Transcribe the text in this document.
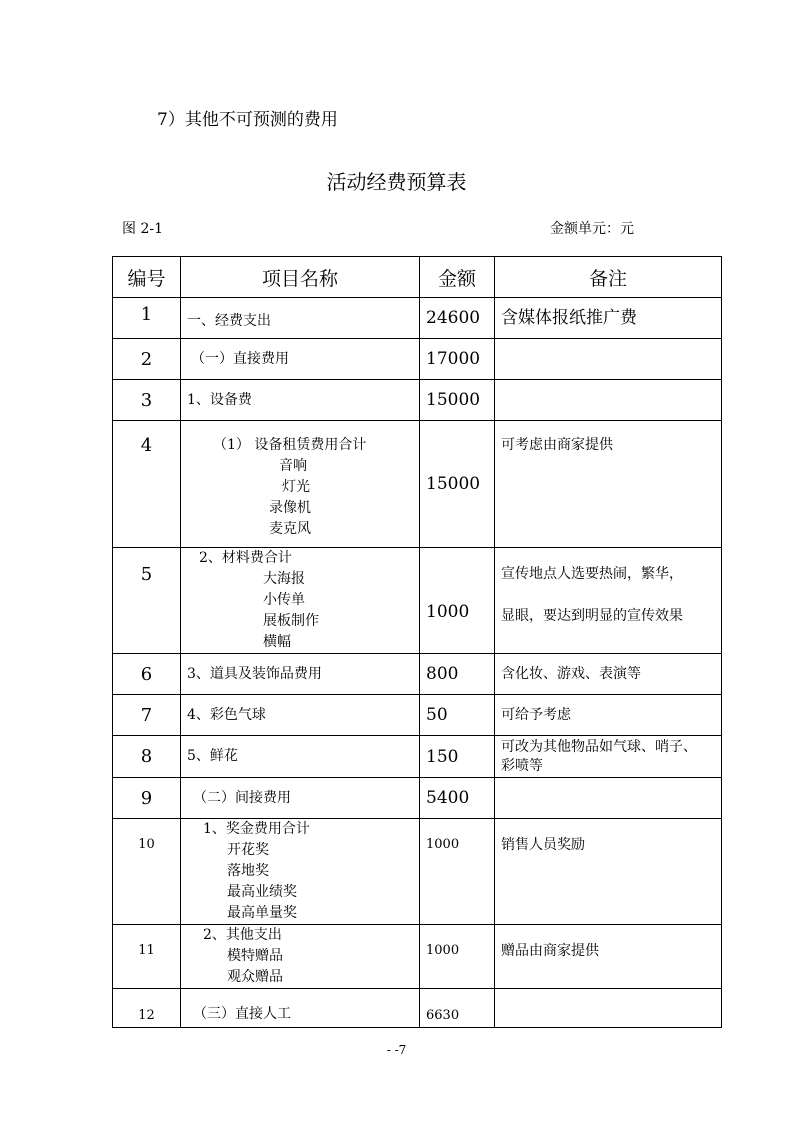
7）其他不可预测的费用
活动经费预算表
图 2-1	金额单元：元
编号	项目名称	金额	备注
1	一、经费支出	24600	含媒体报纸推广费
2	（一）直接费用	17000	
3	1、设备费	15000	
4	（1） 设备租赁费用合计
音响
灯光
录像机
麦克风	15000	可考虑由商家提供
5	2、材料费合计
大海报
小传单
展板制作
横幅	1000	宣传地点人选要热闹，繁华，
显眼，要达到明显的宣传效果

6	3、道具及装饰品费用	800	含化妆、游戏、表演等
7	4、彩色气球	50	可给予考虑
8	5、鲜花	150	可改为其他物品如气球、哨子、
彩喷等

9	（二）间接费用	5400	
10	1、奖金费用合计
开花奖
落地奖
最高业绩奖
最高单量奖	1000	销售人员奖励
11	2、其他支出
模特赠品
观众赠品	1000	赠品由商家提供
12	（三）直接人工	6630	
- -7
